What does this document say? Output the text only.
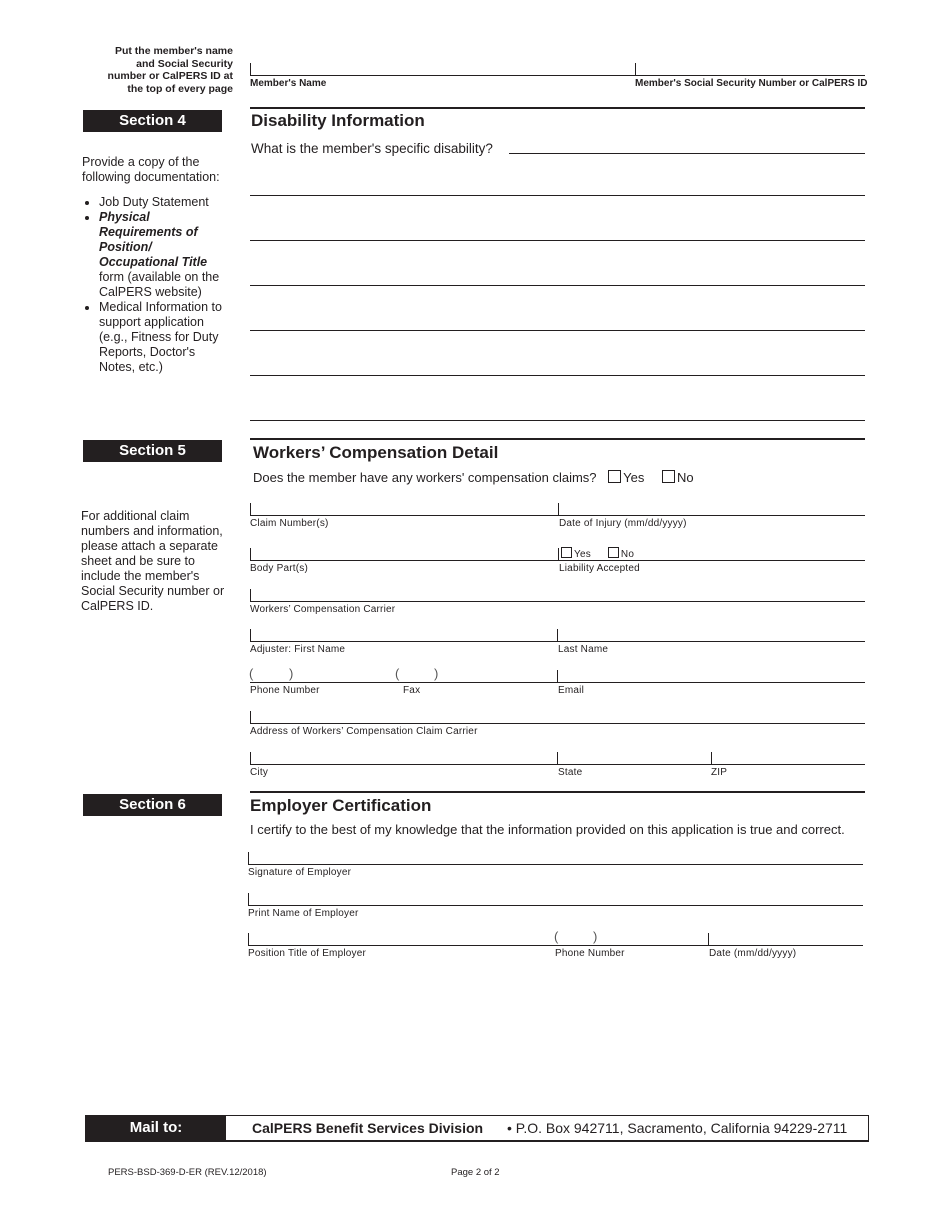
Put the member's name
and Social Security
number or CalPERS ID at
the top of every page Member's Name	Member's Social Security Number or CalPERS ID
Section 4	Disability Information
What is the member's specific disability?
Provide a copy of the following documentation:
• Job Duty Statement
• Physical Requirements of Position/ Occupational Title form (available on the CalPERS website)
• Medical Information to support application (e.g., Fitness for Duty Reports, Doctor's Notes, etc.)
Section 5	Workers’ Compensation Detail
Does the member have any workers' compensation claims? Yes	No
For additional claim numbers and information, please attach a separate sheet and be sure to include the member's Social Security number or CalPERS ID.
Claim Number(s)	Date of Injury (mm/dd/yyyy)
Yes	No
Body Part(s)	Liability Accepted
Workers’ Compensation Carrier
Adjuster: First Name	Last Name
(	)	(	)
Phone Number	Fax	Email
Address of Workers’ Compensation Claim Carrier
City	State	ZIP
Section 6	Employer Certification
I certify to the best of my knowledge that the information provided on this application is true and correct.
Signature of Employer
Print Name of Employer
(	)
Position Title of Employer	Phone Number	Date (mm/dd/yyyy)
Mail to:	CalPERS Benefit Services Division • P.O. Box 942711, Sacramento, California 94229-2711
PERS-BSD-369-D-ER (REV.12/2018)	Page 2 of 2
